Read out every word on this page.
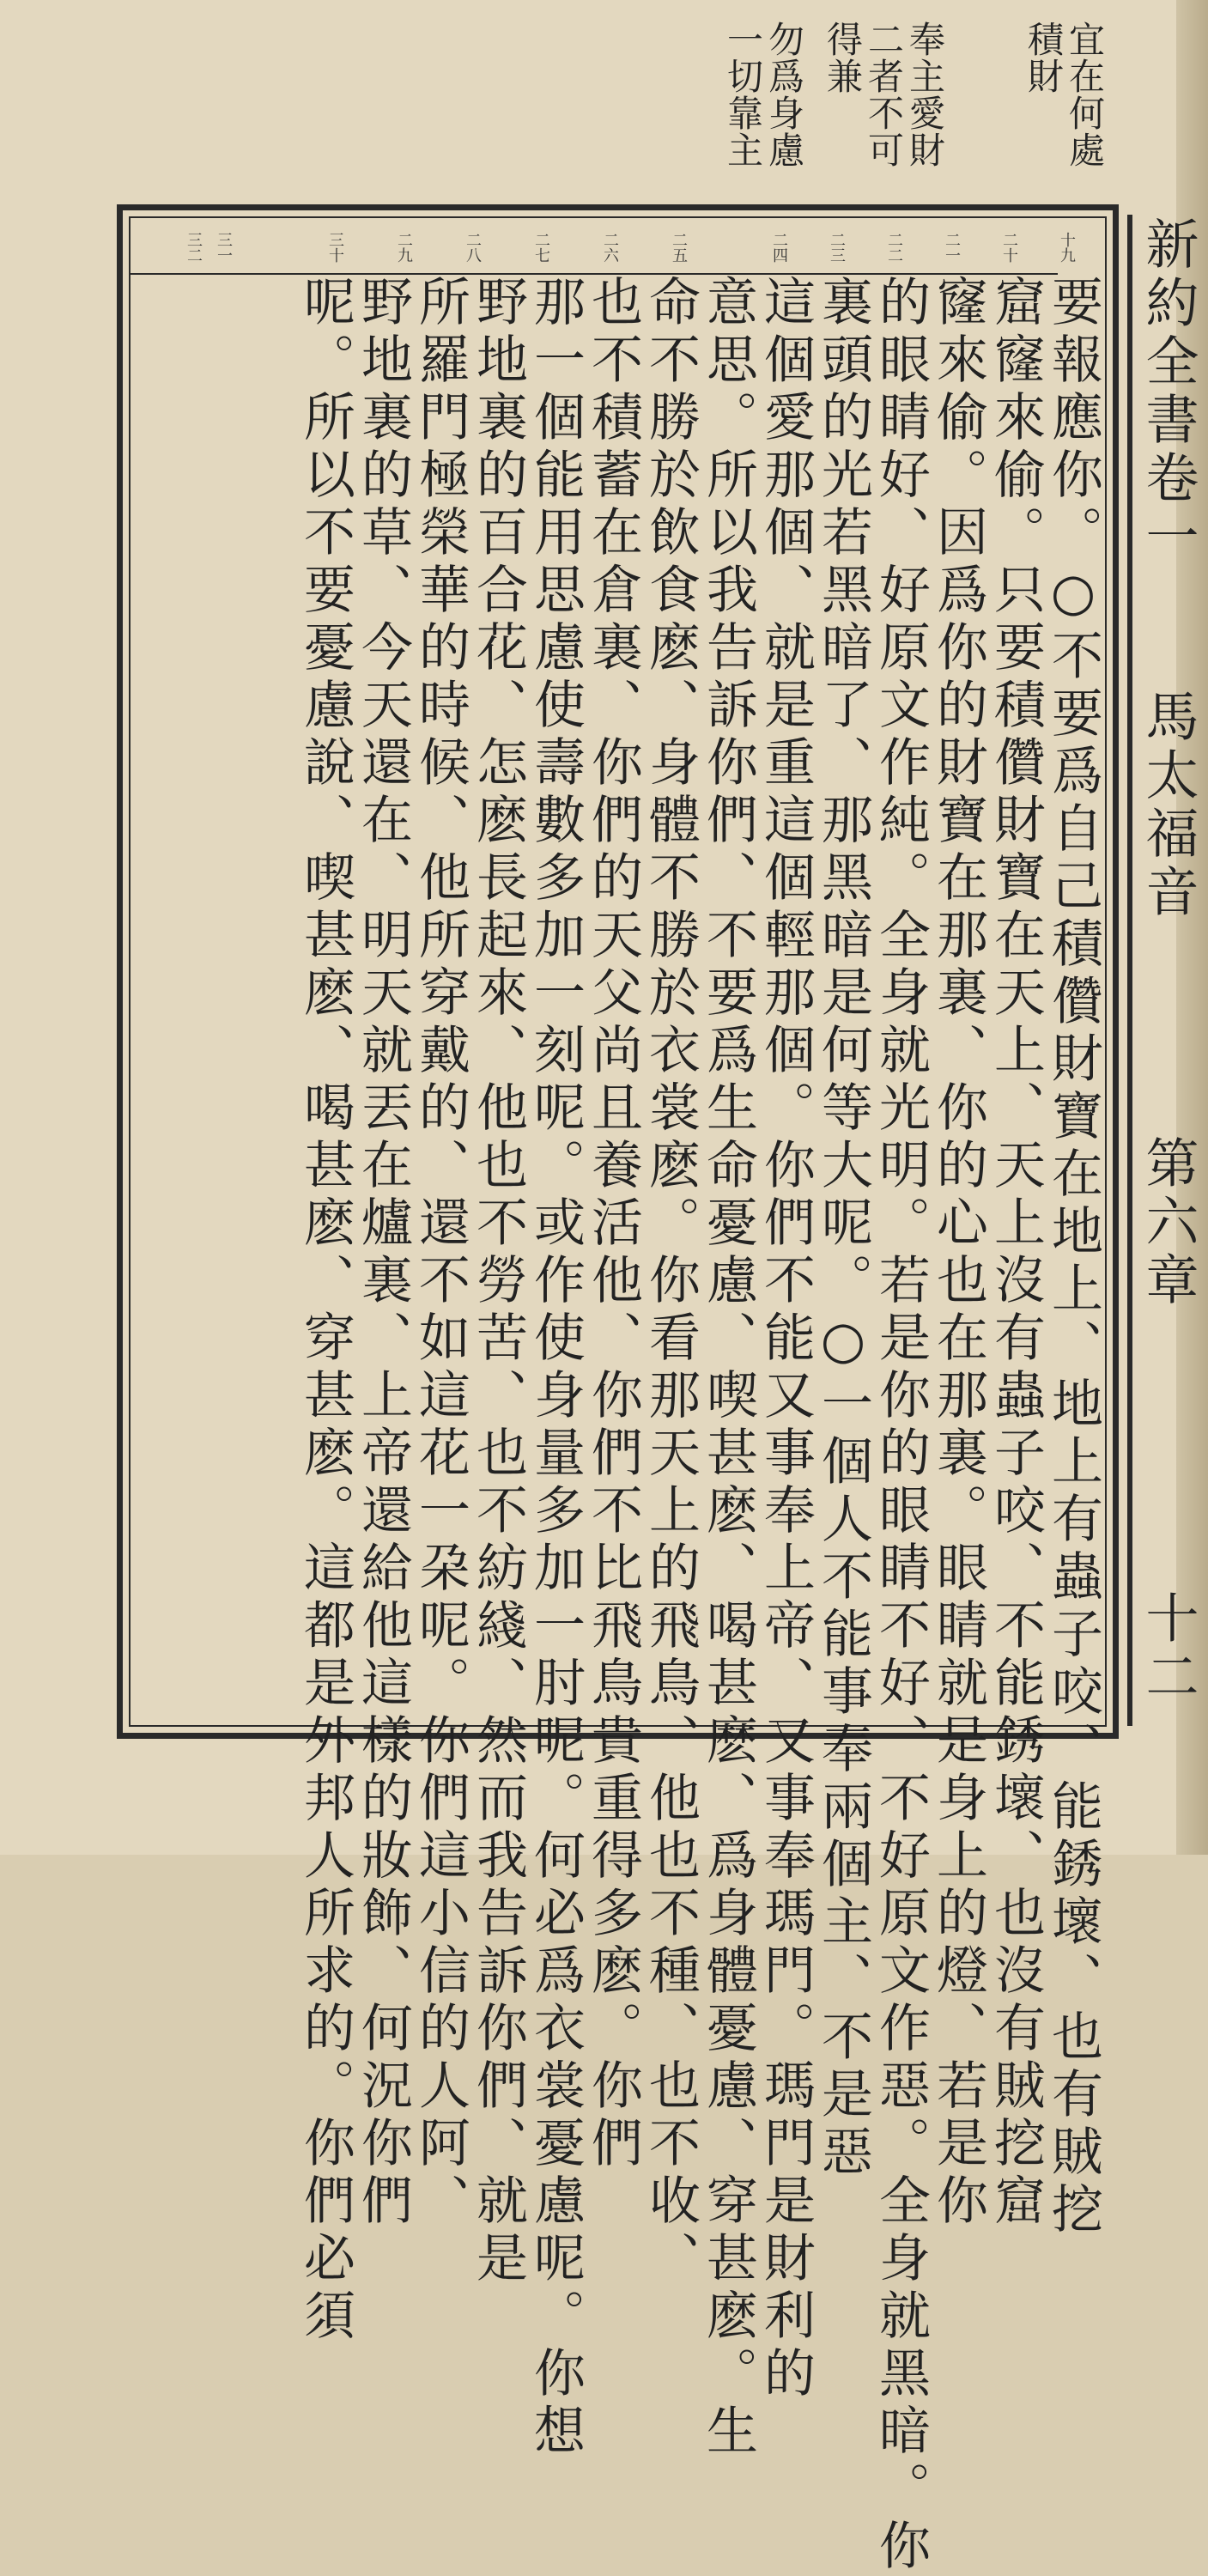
宜在何處
積財
奉主愛財
二者不可
得兼
勿爲身慮
一切靠主
十九
二十
二一
二二
二三
二四
二五
二六
二七
二八
二九
三十
三一
三二	新約全書卷一
馬太福音
第六章
十二
要報應你。○不要爲自己積儹財寶在地上、地上有蟲子咬、能銹壞、也有賊挖
窟窿來偷。只要積儹財寶在天上、天上沒有蟲子咬、不能銹壞、也沒有賊挖窟
窿來偷。因爲你的財寶在那裏、你的心也在那裏。眼睛就是身上的燈、若是你
的眼睛好、好原文作純。全身就光明。若是你的眼睛不好、不好原文作惡。全身就黑暗。你
裏頭的光若黑暗了、那黑暗是何等大呢。○一個人不能事奉兩個主、不是惡
這個愛那個、就是重這個輕那個。你們不能又事奉上帝、又事奉瑪門。瑪門是財利的
意思。所以我告訴你們、不要爲生命憂慮、喫甚麽、喝甚麽、爲身體憂慮、穿甚麽。生
命不勝於飲食麽、身體不勝於衣裳麽。你看那天上的飛鳥、他也不種、也不收、
也不積蓄在倉裏、你們的天父尚且養活他、你們不比飛鳥貴重得多麽。你們
那一個能用思慮使壽數多加一刻呢。或作使身量多加一肘呢。何必爲衣裳憂慮呢。你想
野地裏的百合花、怎麽長起來、他也不勞苦、也不紡綫、然而我告訴你們、就是
所羅門極榮華的時候、他所穿戴的、還不如這花一朶呢。你們這小信的人阿、
野地裏的草、今天還在、明天就丟在爐裏、上帝還給他這樣的妝飾、何況你們
呢。所以不要憂慮說、喫甚麽、喝甚麽、穿甚麽。這都是外邦人所求的。你們必須
